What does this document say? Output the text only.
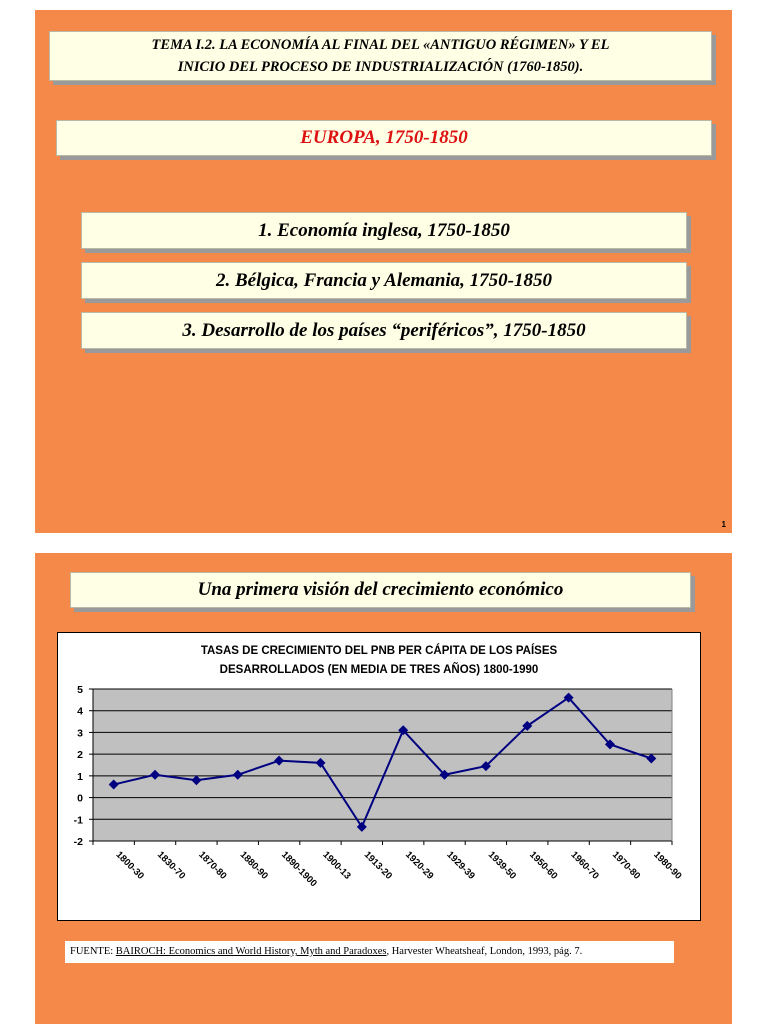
TEMA I.2. LA ECONOMÍA AL FINAL DEL «ANTIGUO RÉGIMEN» Y EL
INICIO DEL PROCESO DE INDUSTRIALIZACIÓN (1760-1850).
EUROPA, 1750-1850
1. Economía inglesa, 1750-1850
2. Bélgica, Francia y Alemania, 1750-1850
3. Desarrollo de los países “periféricos”, 1750-1850
1
Una primera visión del crecimiento económico
TASAS DE CRECIMIENTO DEL PNB PER CÁPITA DE LOS PAÍSES
DESARROLLADOS (EN MEDIA DE TRES AÑOS) 1800-1990
5
4
3
2
1
0
-1
-2
1800-30 1830-70 1870-80 1880-90 1890-1900 1900-13 1913-20 1920-29 1929-39 1939-50 1950-60 1960-70 1970-80 1980-90
FUENTE: BAIROCH: Economics and World History, Myth and Paradoxes, Harvester Wheatsheaf, London, 1993, pág. 7.
